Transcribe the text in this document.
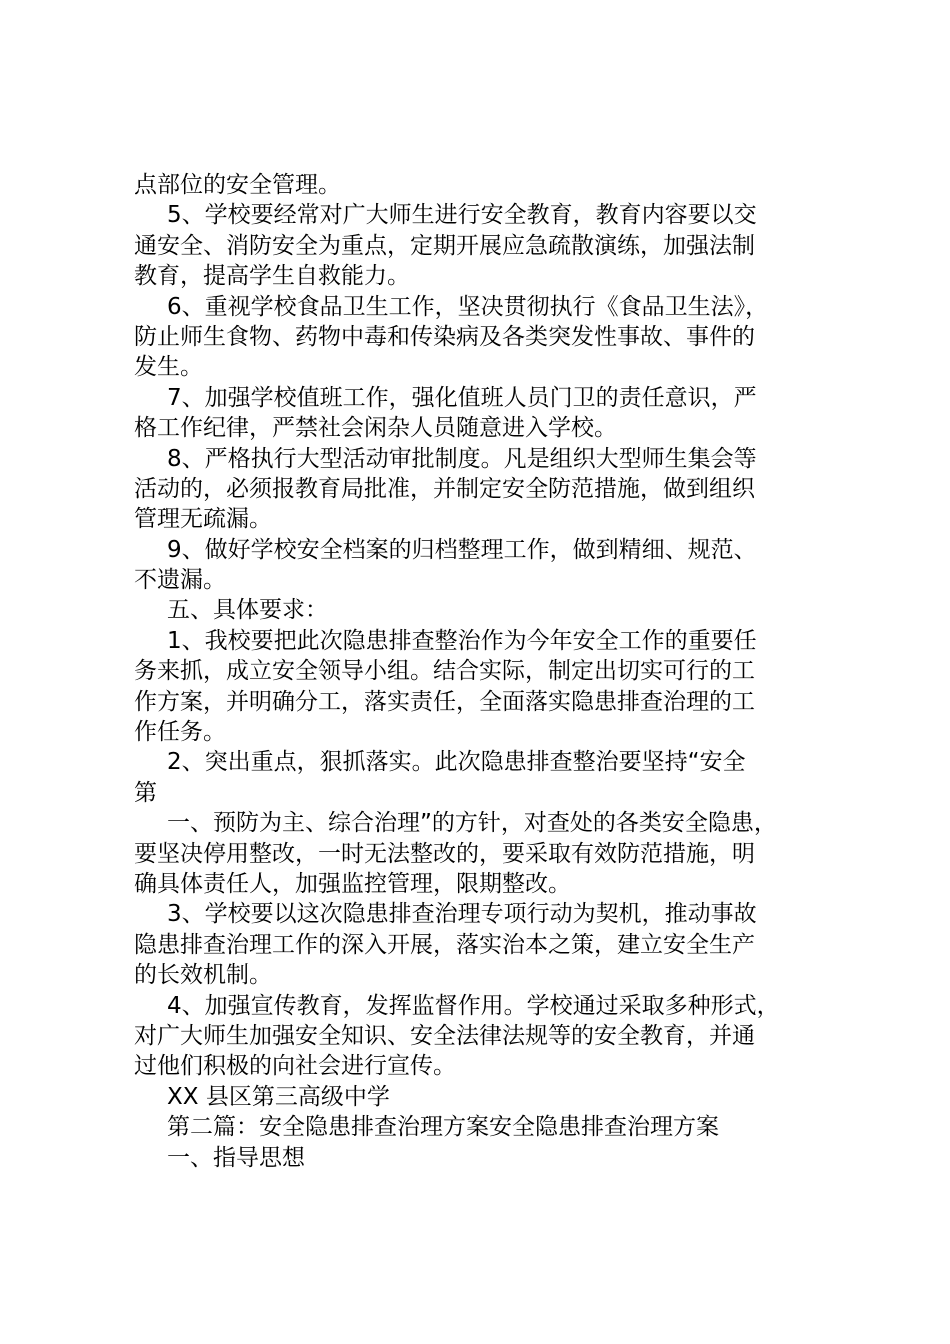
点部位的安全管理。
5、学校要经常对广大师生进行安全教育，教育内容要以交
通安全、消防安全为重点，定期开展应急疏散演练，加强法制
教育，提高学生自救能力。
6、重视学校食品卫生工作，坚决贯彻执行《食品卫生法》，
防止师生食物、药物中毒和传染病及各类突发性事故、事件的
发生。
7、加强学校值班工作，强化值班人员门卫的责任意识，严
格工作纪律，严禁社会闲杂人员随意进入学校。
8、严格执行大型活动审批制度。凡是组织大型师生集会等
活动的，必须报教育局批准，并制定安全防范措施，做到组织
管理无疏漏。
9、做好学校安全档案的归档整理工作，做到精细、规范、
不遗漏。
五、具体要求：
1、我校要把此次隐患排查整治作为今年安全工作的重要任
务来抓，成立安全领导小组。结合实际，制定出切实可行的工
作方案，并明确分工，落实责任，全面落实隐患排查治理的工
作任务。
2、突出重点，狠抓落实。此次隐患排查整治要坚持“安全
第
一、预防为主、综合治理”的方针，对查处的各类安全隐患，
要坚决停用整改，一时无法整改的，要采取有效防范措施，明
确具体责任人，加强监控管理，限期整改。
3、学校要以这次隐患排查治理专项行动为契机，推动事故
隐患排查治理工作的深入开展，落实治本之策，建立安全生产
的长效机制。
4、加强宣传教育，发挥监督作用。学校通过采取多种形式，
对广大师生加强安全知识、安全法律法规等的安全教育，并通
过他们积极的向社会进行宣传。
XX 县区第三高级中学
第二篇：安全隐患排查治理方案安全隐患排查治理方案
一、指导思想
